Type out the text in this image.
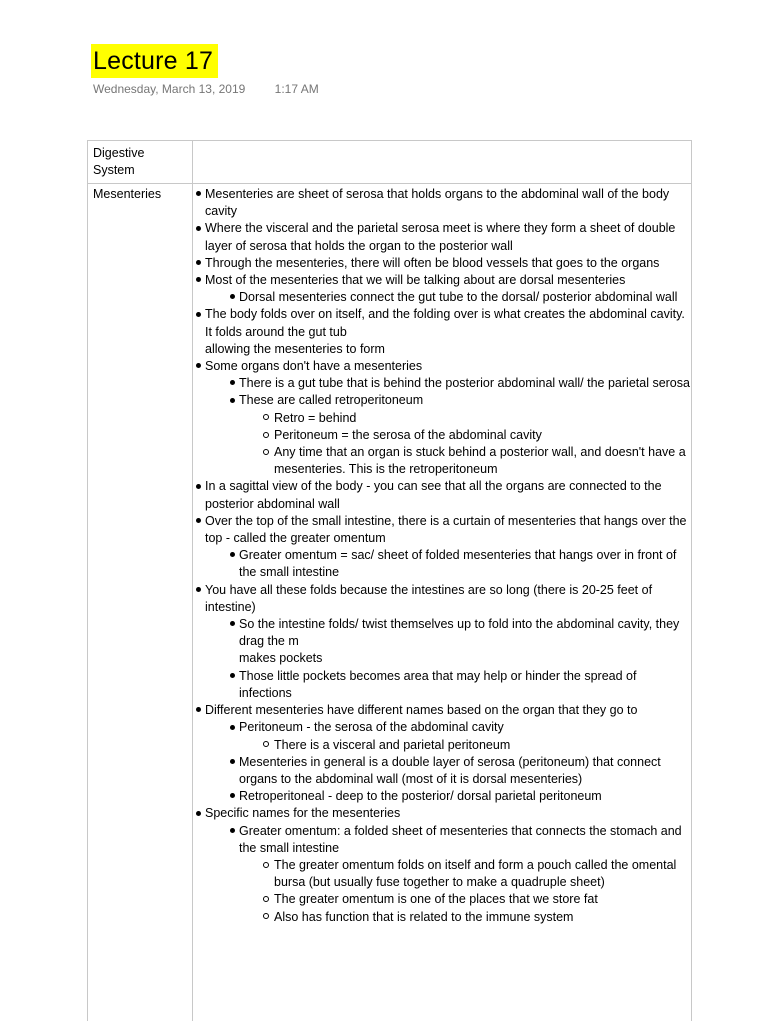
Lecture 17
Wednesday, March 13, 2019 1:17 AM
Digestive System
Mesenteries	Mesenteries are sheet of serosa that holds organs to the abdominal wall of the body cavity
Where the visceral and the parietal serosa meet is where they form a sheet of double layer of serosa that holds the organ to the posterior wall
Through the mesenteries, there will often be blood vessels that goes to the organs
Most of the mesenteries that we will be talking about are dorsal mesenteries
Dorsal mesenteries connect the gut tube to the dorsal/ posterior abdominal wall
The body folds over on itself, and the folding over is what creates the abdominal cavity. It folds around the gut tub
allowing the mesenteries to form
Some organs don't have a mesenteries
There is a gut tube that is behind the posterior abdominal wall/ the parietal serosa
These are called retroperitoneum
Retro = behind
Peritoneum = the serosa of the abdominal cavity
Any time that an organ is stuck behind a posterior wall, and doesn't have a mesenteries. This is the retroperitoneum
In a sagittal view of the body - you can see that all the organs are connected to the posterior abdominal wall
Over the top of the small intestine, there is a curtain of mesenteries that hangs over the top - called the greater omentum
Greater omentum = sac/ sheet of folded mesenteries that hangs over in front of the small intestine
You have all these folds because the intestines are so long (there is 20-25 feet of intestine)
So the intestine folds/ twist themselves up to fold into the abdominal cavity, they drag the m
makes pockets
Those little pockets becomes area that may help or hinder the spread of infections
Different mesenteries have different names based on the organ that they go to
Peritoneum - the serosa of the abdominal cavity
There is a visceral and parietal peritoneum
Mesenteries in general is a double layer of serosa (peritoneum) that connect organs to the abdominal wall (most of it is dorsal mesenteries)
Retroperitoneal - deep to the posterior/ dorsal parietal peritoneum
Specific names for the mesenteries
Greater omentum: a folded sheet of mesenteries that connects the stomach and the small intestine
The greater omentum folds on itself and form a pouch called the omental bursa (but usually fuse together to make a quadruple sheet)
The greater omentum is one of the places that we store fat
Also has function that is related to the immune system
